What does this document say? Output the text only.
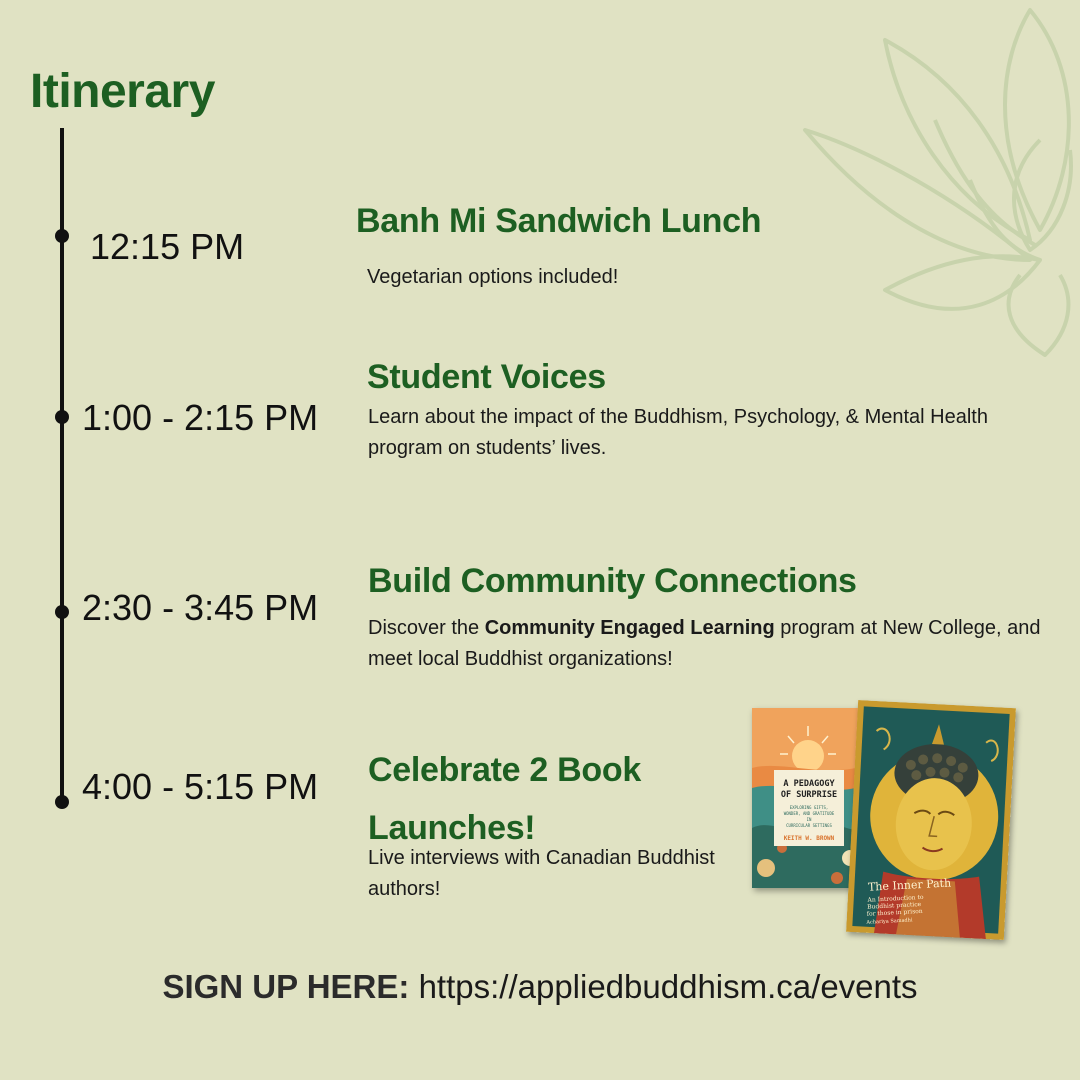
Itinerary
12:15 PM
Banh Mi Sandwich Lunch
Vegetarian options included!
1:00 - 2:15 PM
Student Voices
Learn about the impact of the Buddhism, Psychology, & Mental Health program on students’ lives.
2:30 - 3:45 PM
Build Community Connections
Discover the Community Engaged Learning program at New College, and meet local Buddhist organizations!
4:00 - 5:15 PM Celebrate 2 Book Launches!
Live interviews with Canadian Buddhist authors!
A PEDAGOGY
OF SURPRISE
EXPLORING GIFTS,
WONDER, AND GRATITUDE
IN
CURRICULAR SETTINGS
KEITH W. BROWN
The Inner Path
An Introduction to
Buddhist practice
for those in prison
Achariya Samadhi
SIGN UP HERE: https://appliedbuddhism.ca/events
